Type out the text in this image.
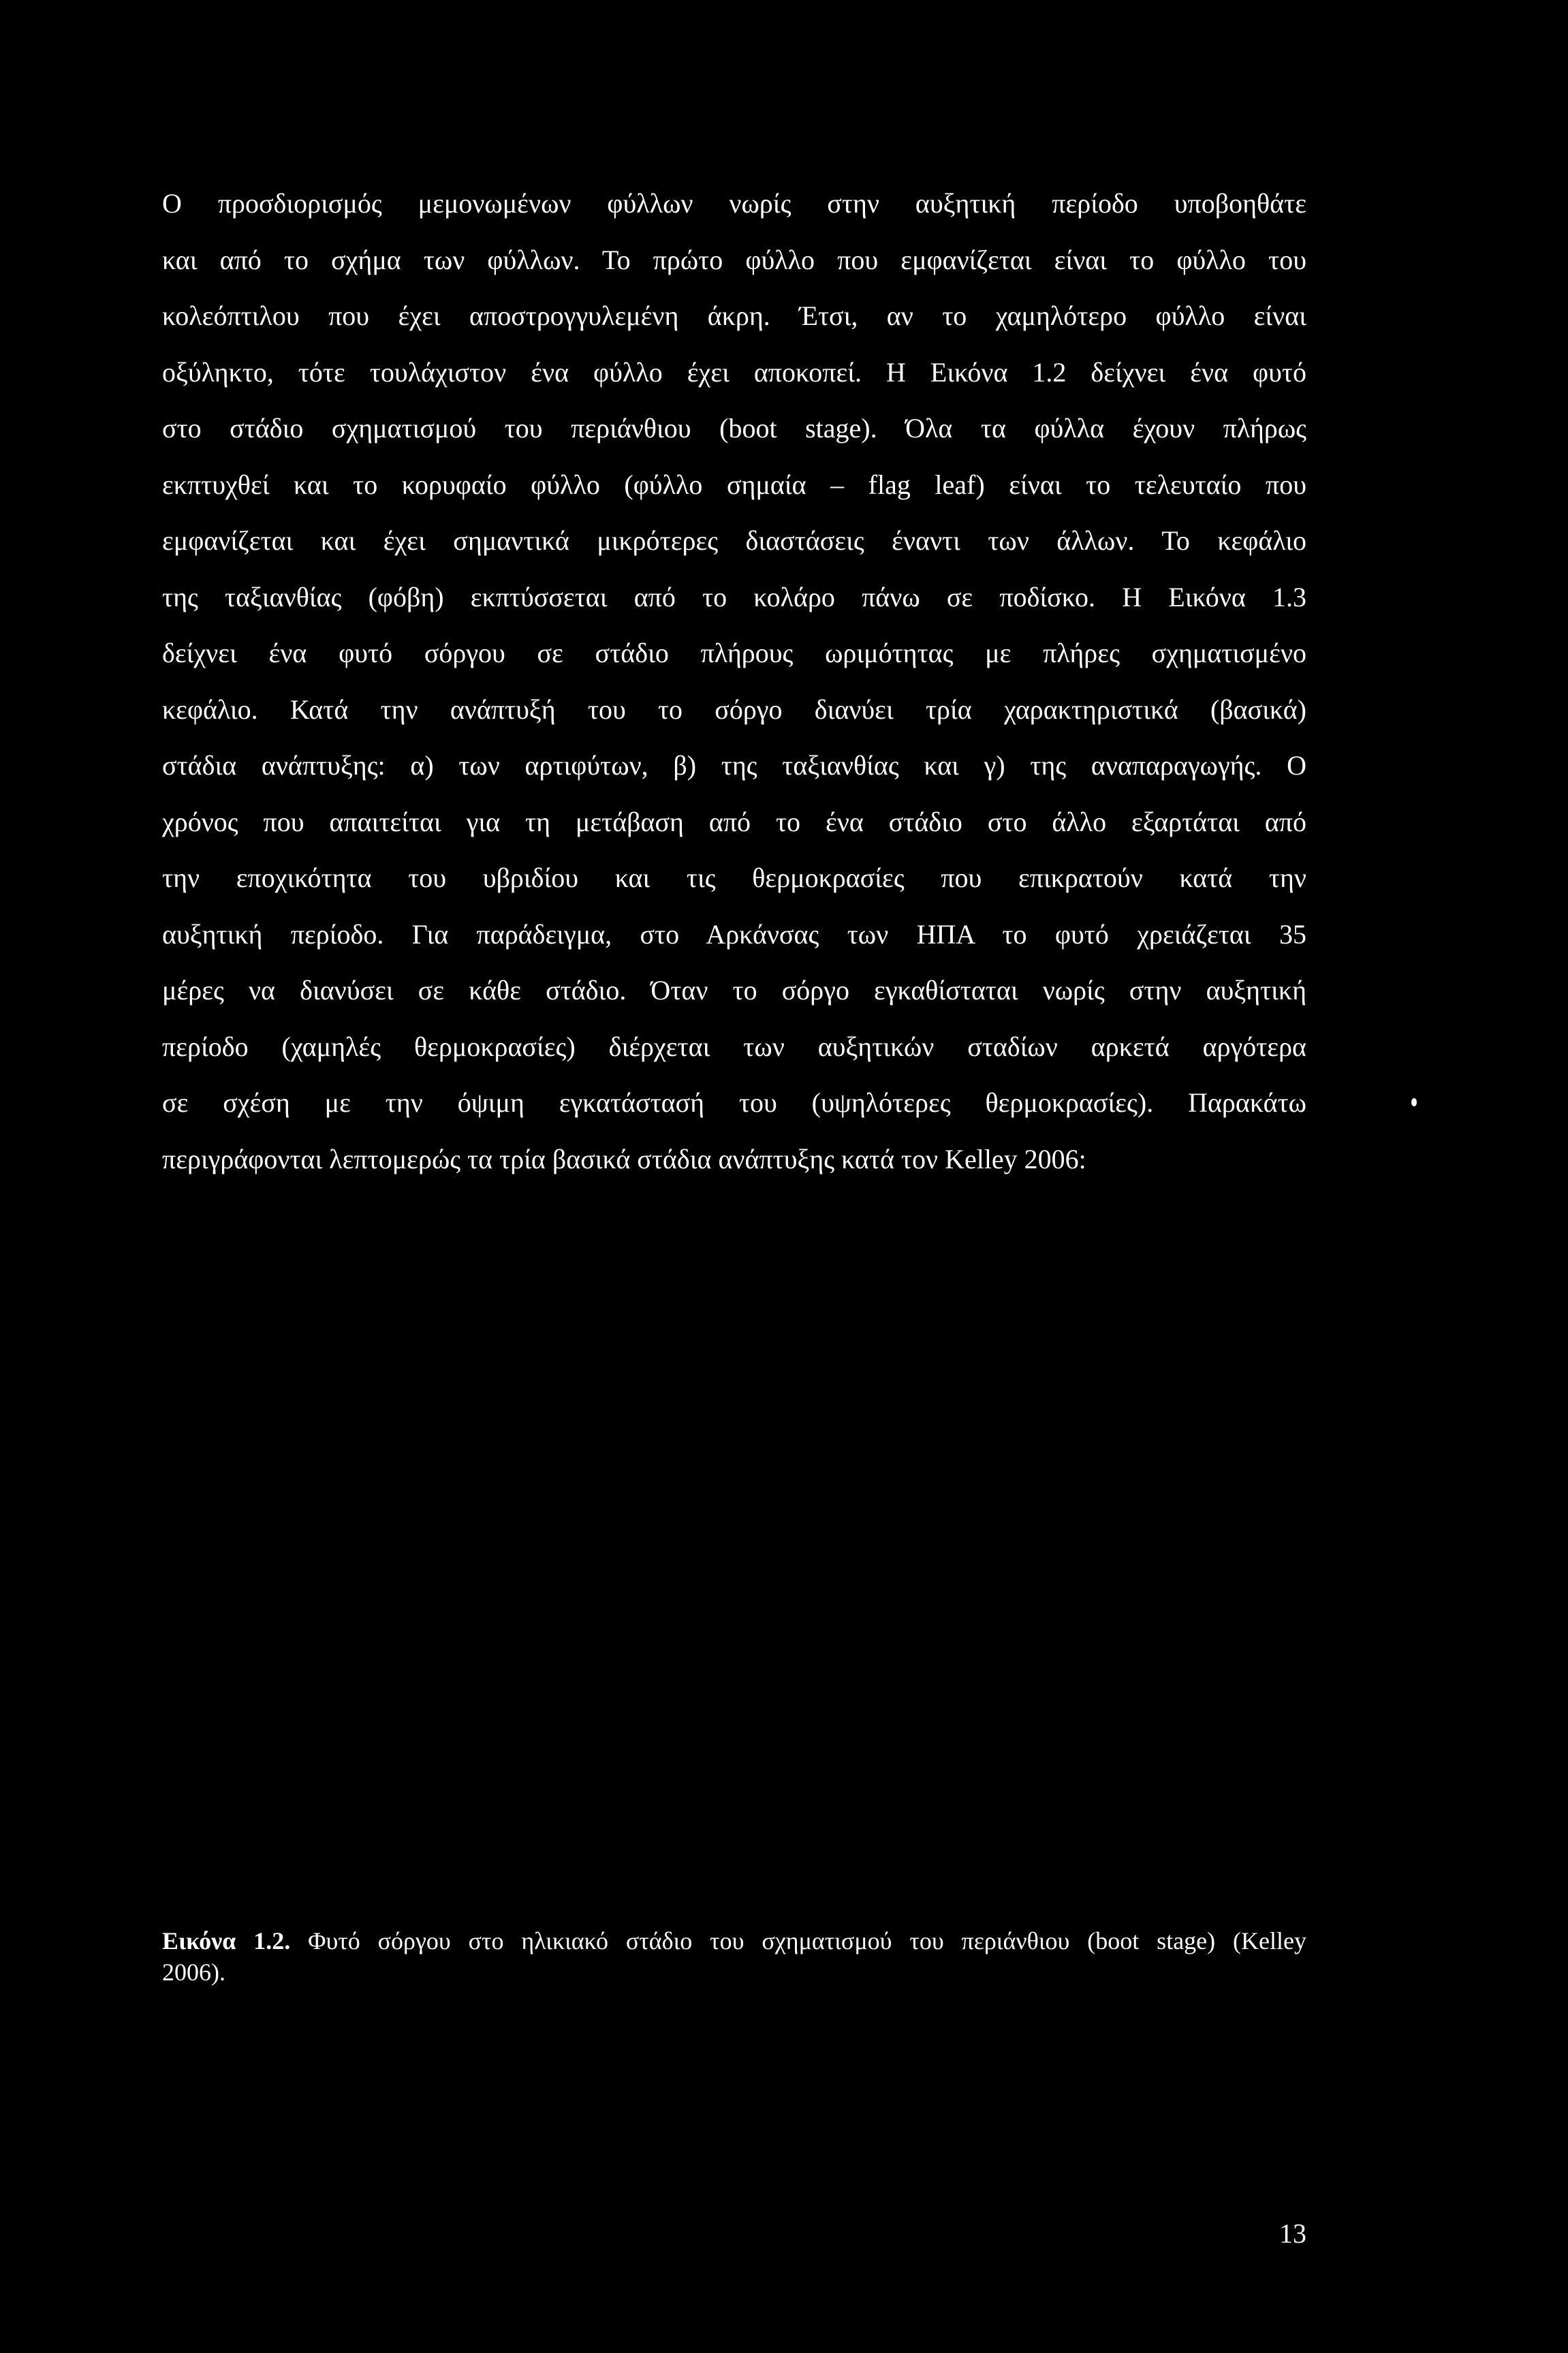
Ο προσδιορισμός μεμονωμένων φύλλων νωρίς στην αυξητική περίοδο υποβοηθάτε
και από το σχήμα των φύλλων. Το πρώτο φύλλο που εμφανίζεται είναι το φύλλο του
κολεόπτιλου που έχει αποστρογγυλεμένη άκρη. Έτσι, αν το χαμηλότερο φύλλο είναι
οξύληκτο, τότε τουλάχιστον ένα φύλλο έχει αποκοπεί. Η Εικόνα 1.2 δείχνει ένα φυτό
στο στάδιο σχηματισμού του περιάνθιου (boot stage). Όλα τα φύλλα έχουν πλήρως
εκπτυχθεί και το κορυφαίο φύλλο (φύλλο σημαία – flag leaf) είναι το τελευταίο που
εμφανίζεται και έχει σημαντικά μικρότερες διαστάσεις έναντι των άλλων. Το κεφάλιο
της ταξιανθίας (φόβη) εκπτύσσεται από το κολάρο πάνω σε ποδίσκο. Η Εικόνα 1.3
δείχνει ένα φυτό σόργου σε στάδιο πλήρους ωριμότητας με πλήρες σχηματισμένο
κεφάλιο. Κατά την ανάπτυξή του το σόργο διανύει τρία χαρακτηριστικά (βασικά)
στάδια ανάπτυξης: α) των αρτιφύτων, β) της ταξιανθίας και γ) της αναπαραγωγής. Ο
χρόνος που απαιτείται για τη μετάβαση από το ένα στάδιο στο άλλο εξαρτάται από
την εποχικότητα του υβριδίου και τις θερμοκρασίες που επικρατούν κατά την
αυξητική περίοδο. Για παράδειγμα, στο Αρκάνσας των ΗΠΑ το φυτό χρειάζεται 35
μέρες να διανύσει σε κάθε στάδιο. Όταν το σόργο εγκαθίσταται νωρίς στην αυξητική
περίοδο (χαμηλές θερμοκρασίες) διέρχεται των αυξητικών σταδίων αρκετά αργότερα
σε σχέση με την όψιμη εγκατάστασή του (υψηλότερες θερμοκρασίες). Παρακάτω
περιγράφονται λεπτομερώς τα τρία βασικά στάδια ανάπτυξης κατά τον Kelley 2006:
Εικόνα 1.2. Φυτό σόργου στο ηλικιακό στάδιο του σχηματισμού του περιάνθιου (boot stage) (Kelley
2006).
13
